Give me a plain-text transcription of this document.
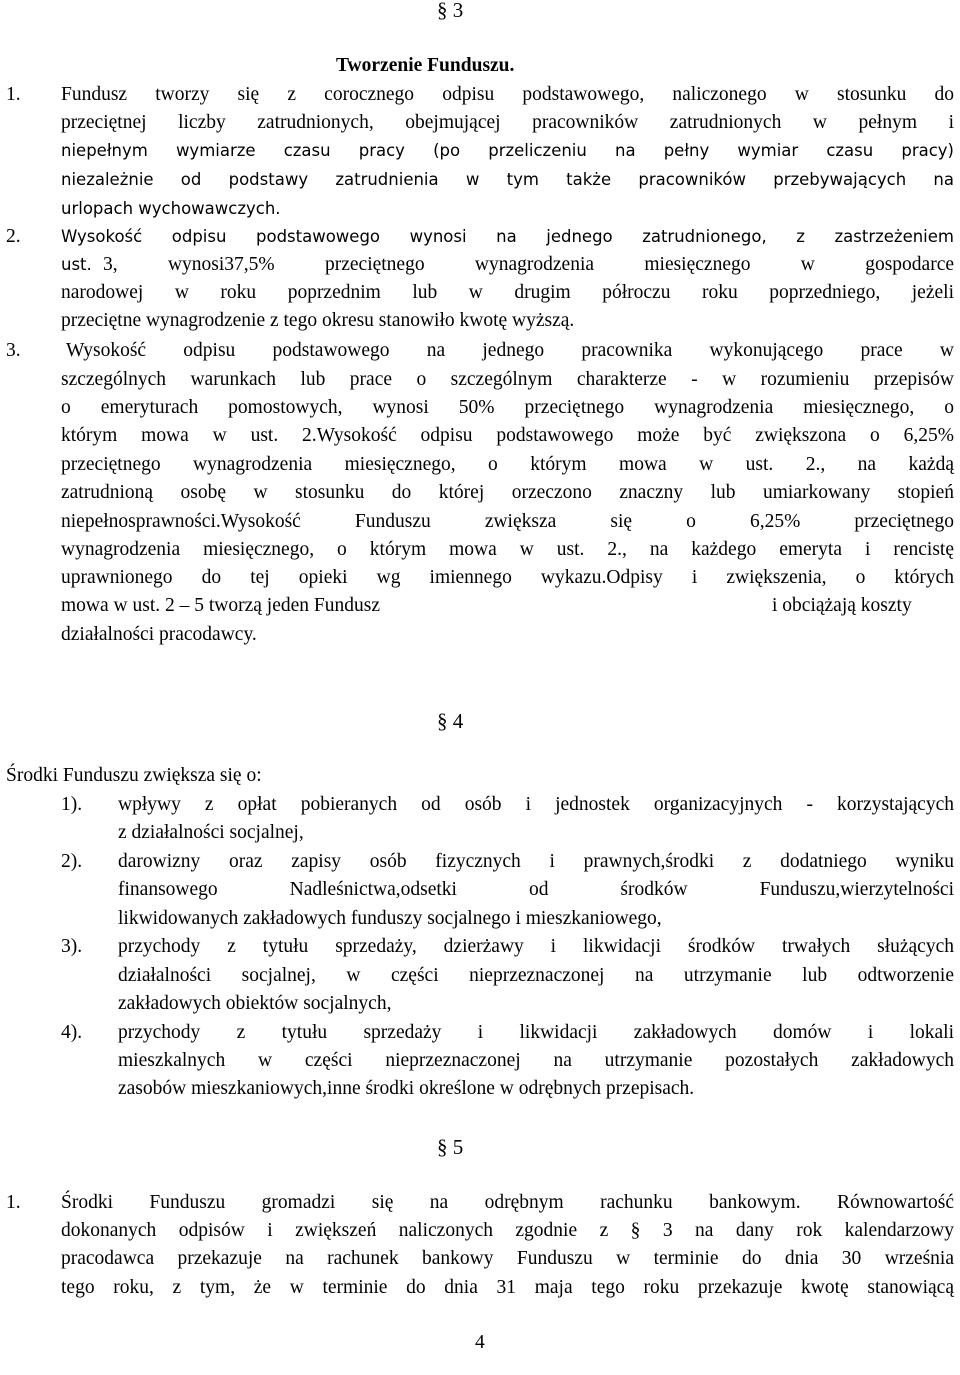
§ 3
Tworzenie Funduszu.
1. Fundusz tworzy się z corocznego odpisu podstawowego, naliczonego w stosunku do
przeciętnej liczby zatrudnionych, obejmującej pracowników zatrudnionych w pełnym i
niepełnym wymiarze czasu pracy (po przeliczeniu na pełny wymiar czasu pracy)
niezależnie od podstawy zatrudnienia w tym także pracowników przebywających na
urlopach wychowawczych.
2. Wysokość odpisu podstawowego wynosi na jednego zatrudnionego, z zastrzeżeniem
ust. 3, wynosi37,5% przeciętnego wynagrodzenia miesięcznego w gospodarce
narodowej w roku poprzednim lub w drugim półroczu roku poprzedniego, jeżeli
przeciętne wynagrodzenie z tego okresu stanowiło kwotę wyższą.
3. Wysokość odpisu podstawowego na jednego pracownika wykonującego prace w
szczególnych warunkach lub prace o szczególnym charakterze - w rozumieniu przepisów
o emeryturach pomostowych, wynosi 50% przeciętnego wynagrodzenia miesięcznego, o
którym mowa w ust. 2.Wysokość odpisu podstawowego może być zwiększona o 6,25%
przeciętnego wynagrodzenia miesięcznego, o którym mowa w ust. 2., na każdą
zatrudnioną osobę w stosunku do której orzeczono znaczny lub umiarkowany stopień
niepełnosprawności.Wysokość Funduszu zwiększa się o 6,25% przeciętnego
wynagrodzenia miesięcznego, o którym mowa w ust. 2., na każdego emeryta i rencistę
uprawnionego do tej opieki wg imiennego wykazu.Odpisy i zwiększenia, o których
mowa w ust. 2 – 5 tworzą jeden Fundusz	i obciążają koszty
działalności pracodawcy.
§ 4
Środki Funduszu zwiększa się o:
1). wpływy z opłat pobieranych od osób i jednostek organizacyjnych - korzystających
z działalności socjalnej,
2). darowizny oraz zapisy osób fizycznych i prawnych,środki z dodatniego wyniku
finansowego Nadleśnictwa,odsetki od środków Funduszu,wierzytelności
likwidowanych zakładowych funduszy socjalnego i mieszkaniowego,
3). przychody z tytułu sprzedaży, dzierżawy i likwidacji środków trwałych służących
działalności socjalnej, w części nieprzeznaczonej na utrzymanie lub odtworzenie
zakładowych obiektów socjalnych,
4). przychody z tytułu sprzedaży i likwidacji zakładowych domów i lokali
mieszkalnych w części nieprzeznaczonej na utrzymanie pozostałych zakładowych
zasobów mieszkaniowych,inne środki określone w odrębnych przepisach.
§ 5
1. Środki Funduszu gromadzi się na odrębnym rachunku bankowym. Równowartość
dokonanych odpisów i zwiększeń naliczonych zgodnie z § 3 na dany rok kalendarzowy
pracodawca przekazuje na rachunek bankowy Funduszu w terminie do dnia 30 września
tego roku, z tym, że w terminie do dnia 31 maja tego roku przekazuje kwotę stanowiącą
4
